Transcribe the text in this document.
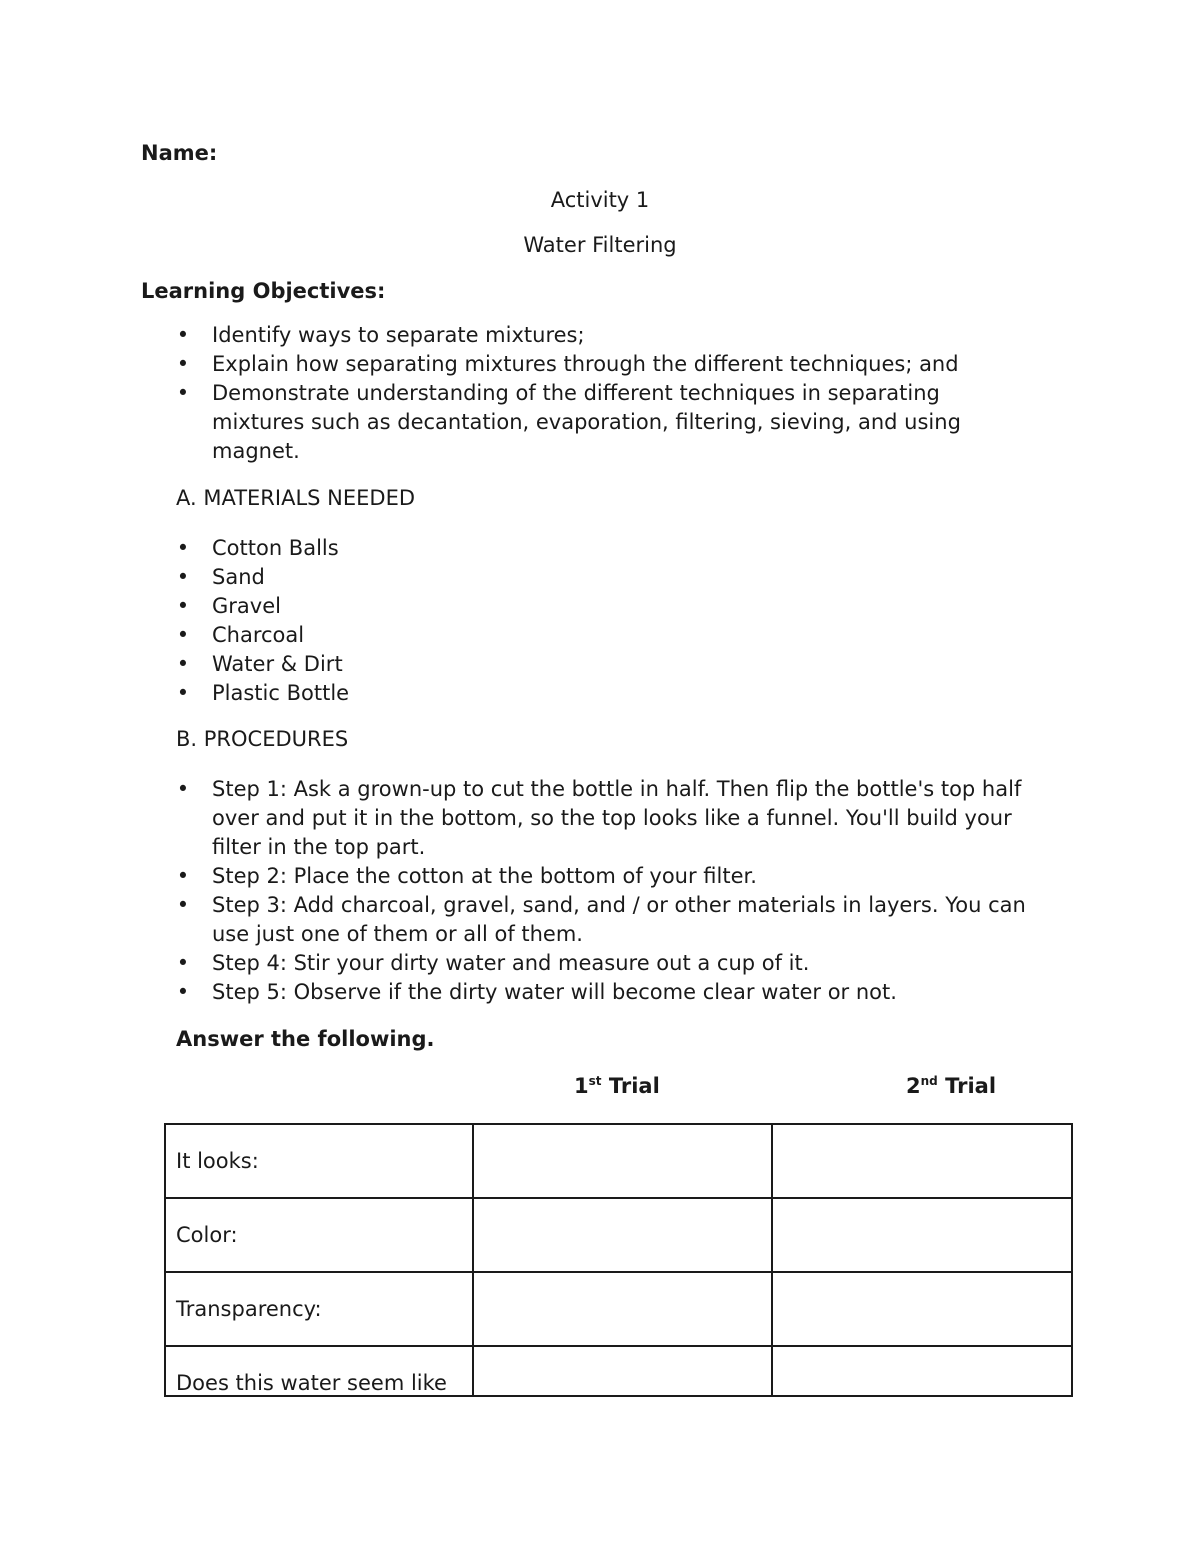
Name:

Activity 1

Water Filtering

Learning Objectives:

• Identify ways to separate mixtures;
• Explain how separating mixtures through the different techniques; and
• Demonstrate understanding of the different techniques in separating mixtures such as decantation, evaporation, filtering, sieving, and using magnet.

A. MATERIALS NEEDED

• Cotton Balls
• Sand
• Gravel
• Charcoal
• Water & Dirt
• Plastic Bottle

B. PROCEDURES

• Step 1: Ask a grown-up to cut the bottle in half. Then flip the bottle's top half over and put it in the bottom, so the top looks like a funnel. You'll build your filter in the top part.
• Step 2: Place the cotton at the bottom of your filter.
• Step 3: Add charcoal, gravel, sand, and / or other materials in layers. You can use just one of them or all of them.
• Step 4: Stir your dirty water and measure out a cup of it.
• Step 5: Observe if the dirty water will become clear water or not.

Answer the following.

1st Trial	2nd Trial

It looks:		
Color:		
Transparency:		
Does this water seem like		
